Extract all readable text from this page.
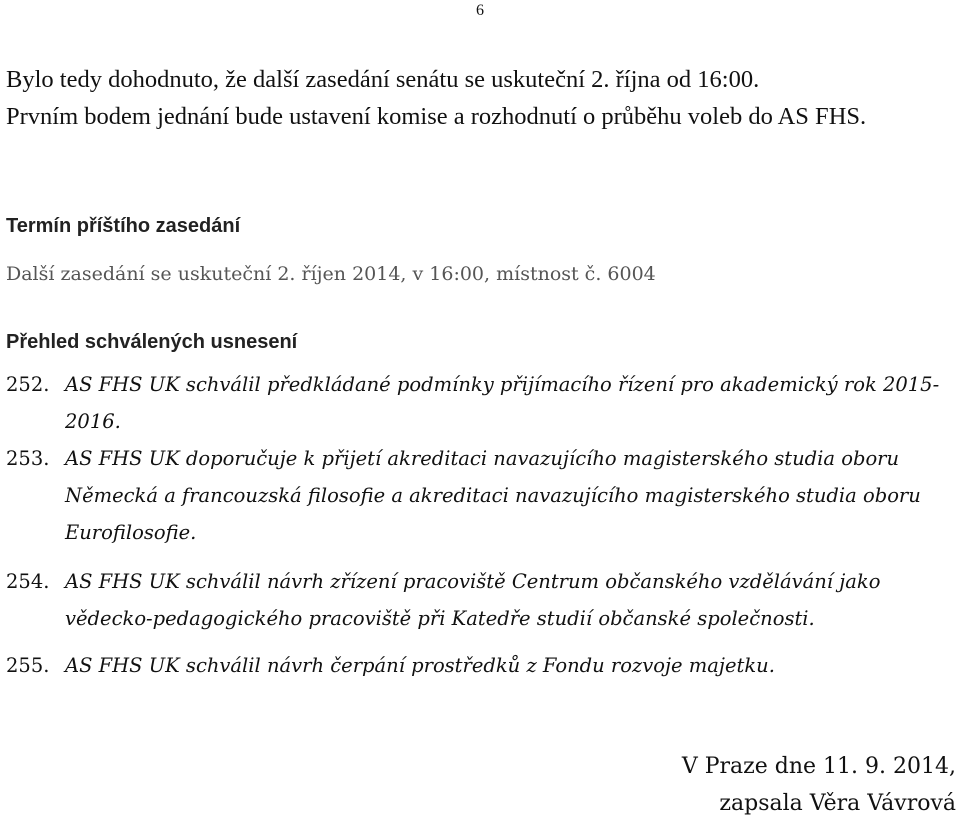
6

Bylo tedy dohodnuto, že další zasedání senátu se uskuteční 2. října od 16:00.

Prvním bodem jednání bude ustavení komise a rozhodnutí o průběhu voleb do AS FHS.

Termín příštího zasedání

Další zasedání se uskuteční 2. říjen 2014, v 16:00, místnost č. 6004

Přehled schválených usnesení

252. AS FHS UK schválil předkládané podmínky přijímacího řízení pro akademický rok 2015-2016.

253. AS FHS UK doporučuje k přijetí akreditaci navazujícího magisterského studia oboru Německá a francouzská filosofie a akreditaci navazujícího magisterského studia oboru Eurofilosofie.

254. AS FHS UK schválil návrh zřízení pracoviště Centrum občanského vzdělávání jako vědecko-pedagogického pracoviště při Katedře studií občanské společnosti.

255. AS FHS UK schválil návrh čerpání prostředků z Fondu rozvoje majetku.

V Praze dne 11. 9. 2014,
zapsala Věra Vávrová
